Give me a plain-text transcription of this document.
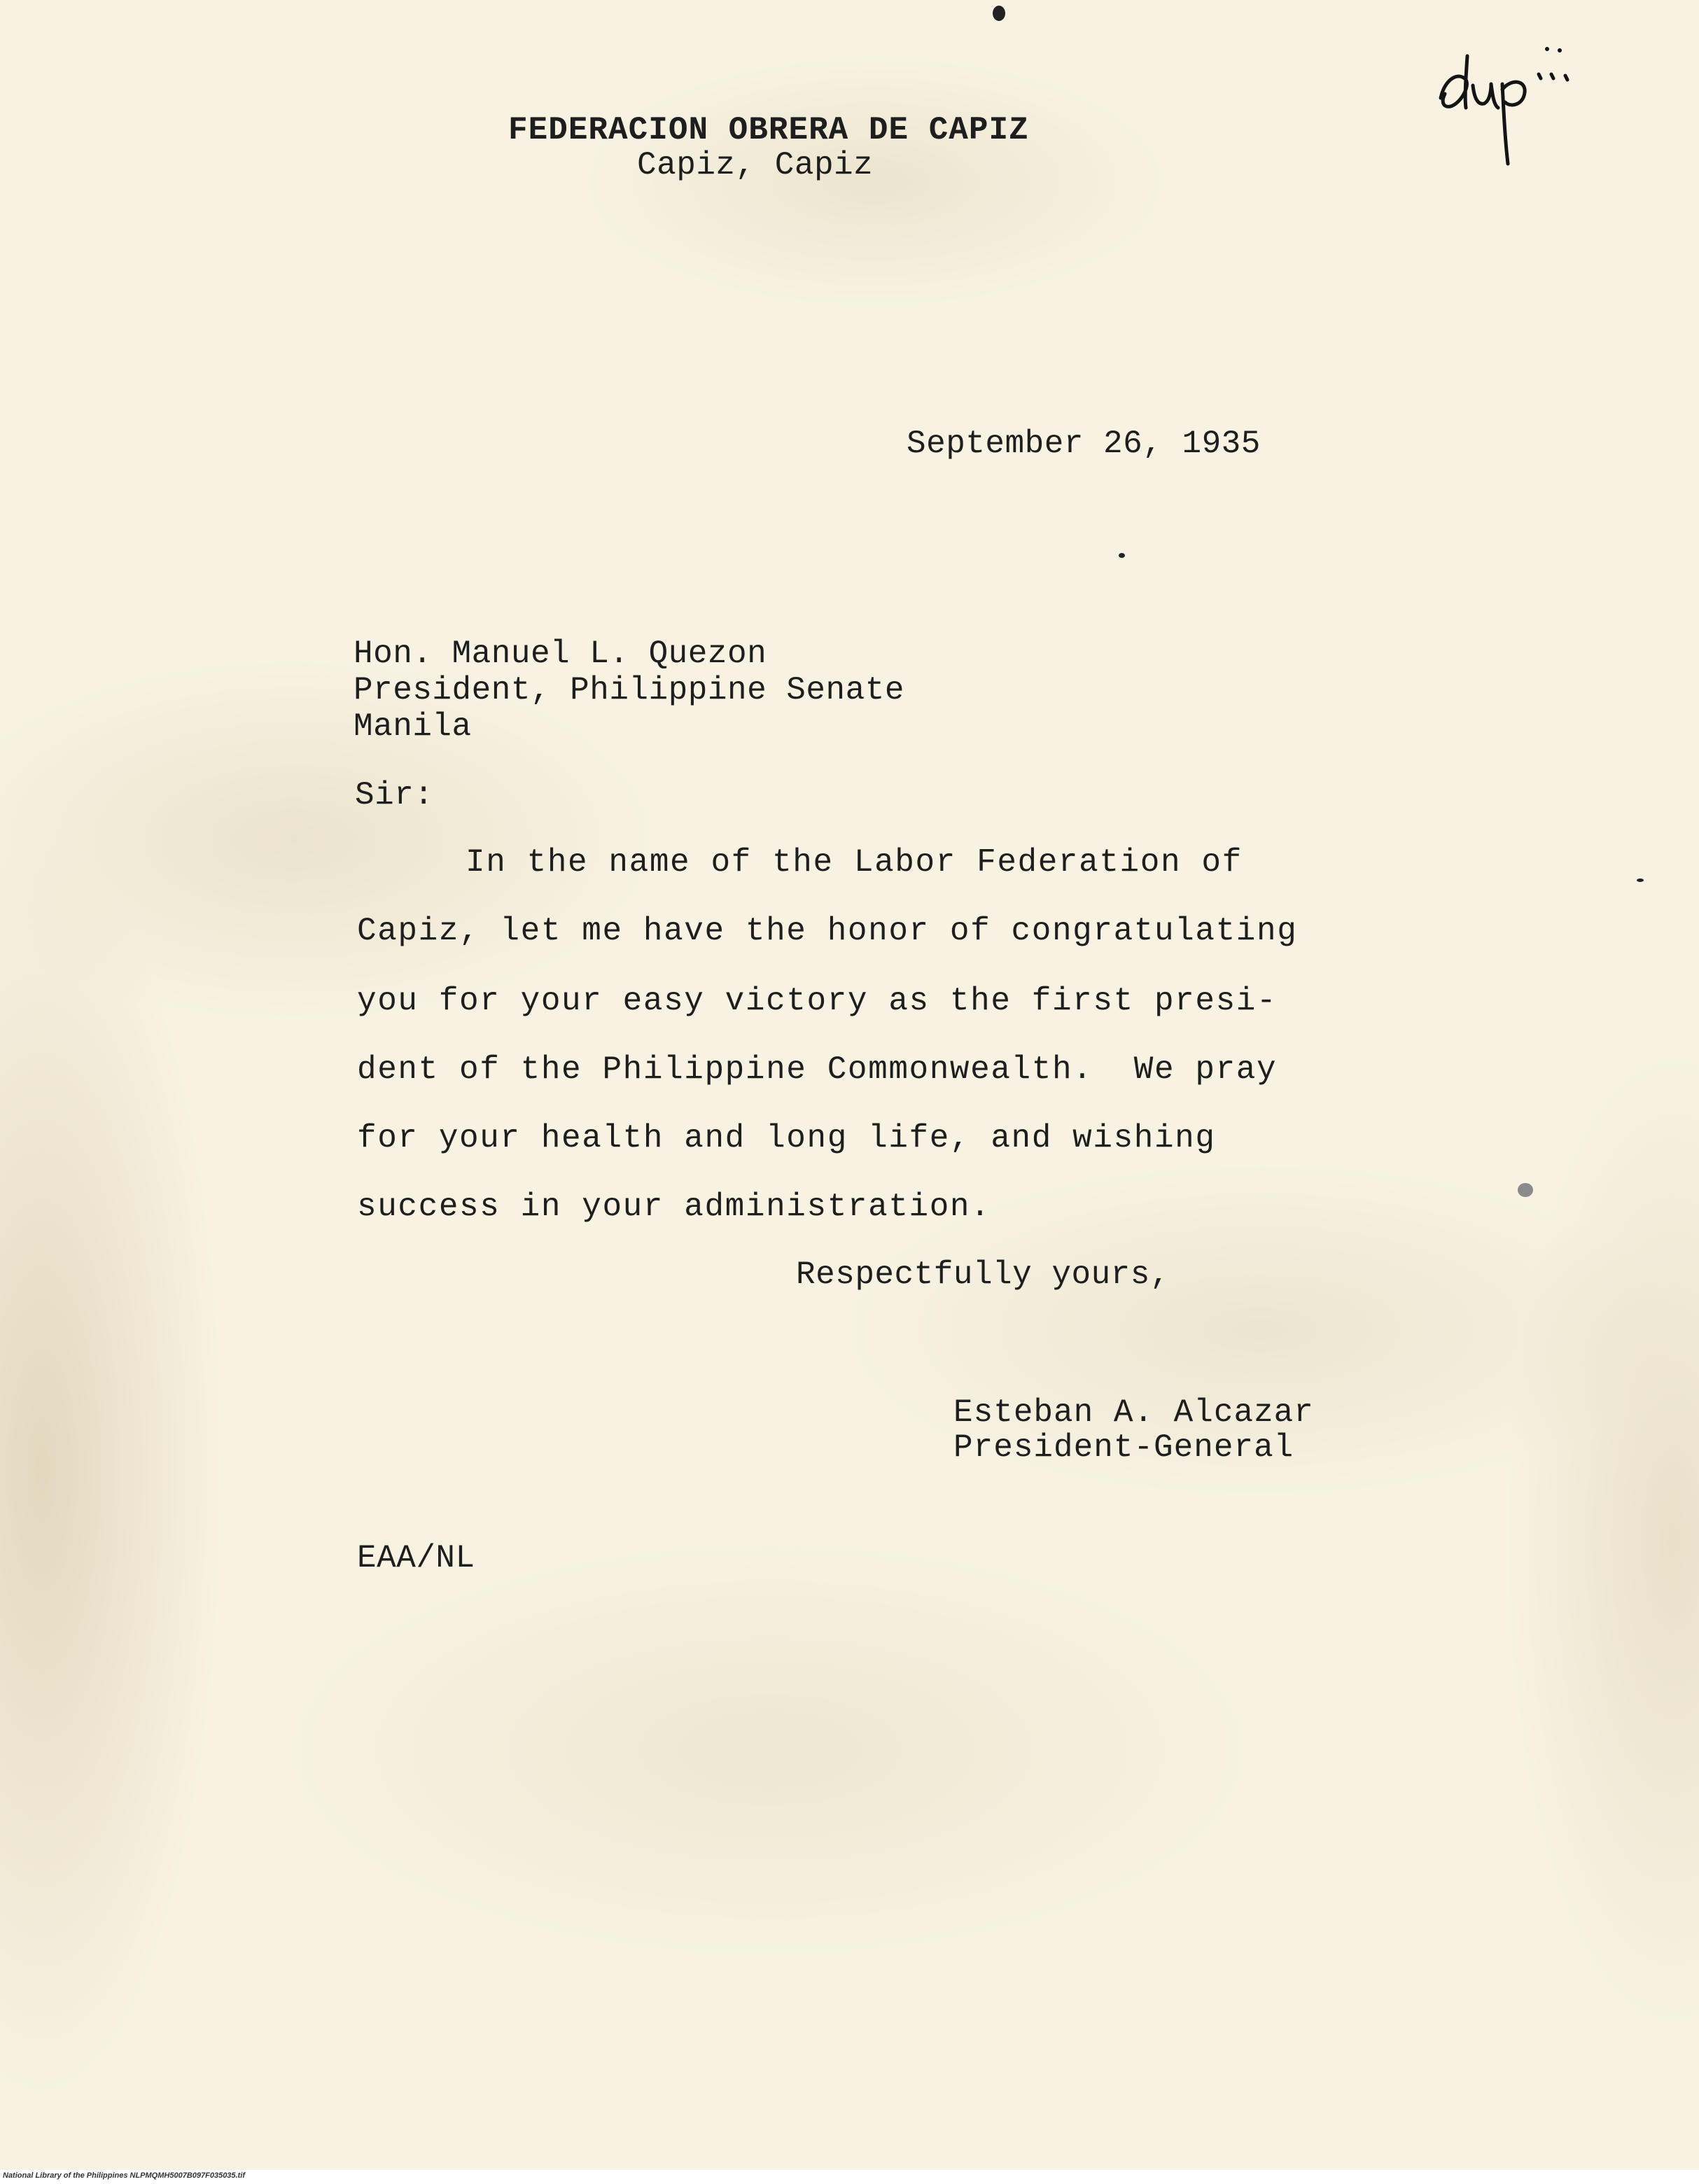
FEDERACION OBRERA DE CAPIZ
Capiz, Capiz
September 26, 1935
Hon. Manuel L. Quezon
President, Philippine Senate
Manila
Sir:
In the name of the Labor Federation of
Capiz, let me have the honor of congratulating
you for your easy victory as the first presi-
dent of the Philippine Commonwealth.  We pray
for your health and long life, and wishing
success in your administration.
Respectfully yours,
Esteban A. Alcazar
President-General
EAA/NL
National Library of the Philippines NLPMQMH5007B097F035035.tif
